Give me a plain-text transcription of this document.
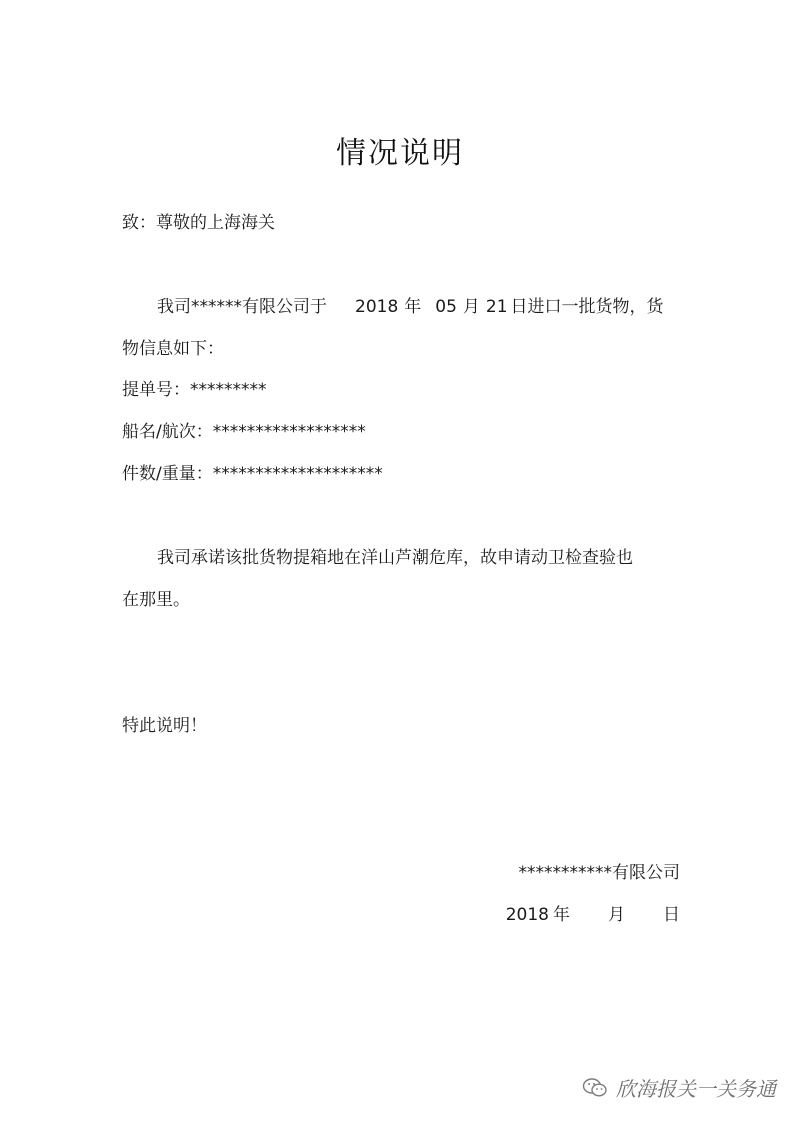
情况说明
致：尊敬的上海海关
我司******有限公司于 2018 年 05 月 21 日进口一批货物，货
物信息如下：
提单号：*********
船名/航次：******************
件数/重量：********************
我司承诺该批货物提箱地在洋山芦潮危库，故申请动卫检查验也
在那里。
特此说明！
***********有限公司
2018 年 月 日
欣海报关一关务通
